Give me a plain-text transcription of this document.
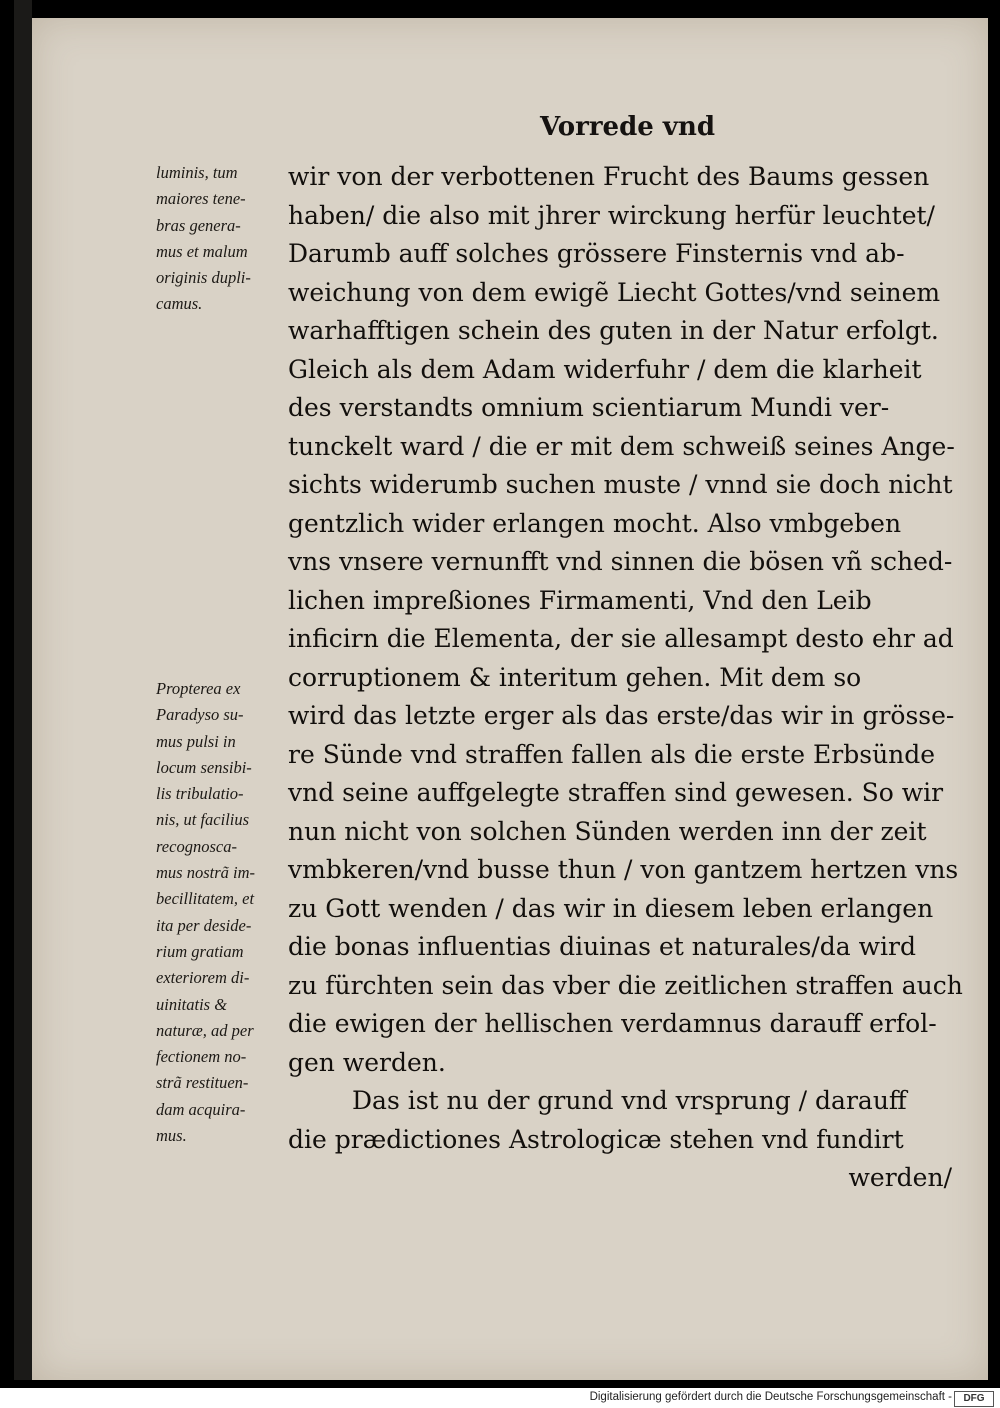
Vorrede vnd
luminis, tum
maiores tene-
bras genera-
mus et malum
originis dupli-
camus.
Propterea ex
Paradyso su-
mus pulsi in
locum sensibi-
lis tribulatio-
nis, ut facilius
recognosca-
mus nostrã im-
becillitatem, et
ita per deside-
rium gratiam
exteriorem di-
uinitatis &
naturæ, ad per
fectionem no-
strã restituen-
dam acquira-
mus.
wir von der verbottenen Frucht des Baums gessen
haben/ die also mit jhrer wirckung herfür leuchtet/
Darumb auff solches grössere Finsternis vnd ab-
weichung von dem ewigẽ Liecht Gottes/vnd seinem
warhafftigen schein des guten in der Natur erfolgt.
Gleich als dem Adam widerfuhr / dem die klarheit
des verstandts omnium scientiarum Mundi ver-
tunckelt ward / die er mit dem schweiß seines Ange-
sichts widerumb suchen muste / vnnd sie doch nicht
gentzlich wider erlangen mocht. Also vmbgeben
vns vnsere vernunfft vnd sinnen die bösen vñ sched-
lichen impreßiones Firmamenti, Vnd den Leib
inficirn die Elementa, der sie allesampt desto ehr ad
corruptionem & interitum gehen. Mit dem so
wird das letzte erger als das erste/das wir in grösse-
re Sünde vnd straffen fallen als die erste Erbsünde
vnd seine auffgelegte straffen sind gewesen. So wir
nun nicht von solchen Sünden werden inn der zeit
vmbkeren/vnd busse thun / von gantzem hertzen vns
zu Gott wenden / das wir in diesem leben erlangen
die bonas influentias diuinas et naturales/da wird
zu fürchten sein das vber die zeitlichen straffen auch
die ewigen der hellischen verdamnus darauff erfol-
gen werden.
Das ist nu der grund vnd vrsprung / darauff
die prædictiones Astrologicæ stehen vnd fundirt
werden/
Digitalisierung gefördert durch die Deutsche Forschungsgemeinschaft -	DFG
